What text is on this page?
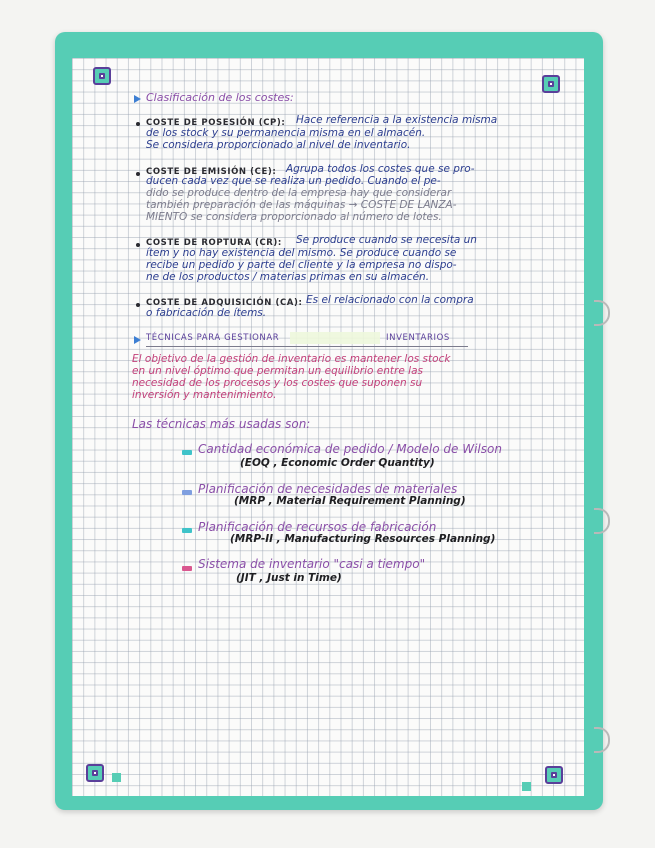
Clasificación de los costes:
COSTE DE POSESIÓN (CP): Hace referencia a la existencia misma
de los stock y su permanencia misma en el almacén.
Se considera proporcionado al nivel de inventario.
COSTE DE EMISIÓN (CE): Agrupa todos los costes que se pro-
ducen cada vez que se realiza un pedido. Cuando el pe-
dido se produce dentro de la empresa hay que considerar
también preparación de las máquinas → COSTE DE LANZA-
MIENTO se considera proporcionado al número de lotes.
COSTE DE ROPTURA (CR): Se produce cuando se necesita un
ítem y no hay existencia del mismo. Se produce cuando se
recibe un pedido y parte del cliente y la empresa no dispo-
ne de los productos / materias primas en su almacén.
COSTE DE ADQUISICIÓN (CA): Es el relacionado con la compra
o fabricación de ítems.
TÉCNICAS PARA GESTIONAR	INVENTARIOS
El objetivo de la gestión de inventario es mantener los stock
en un nivel óptimo que permitan un equilibrio entre las
necesidad de los procesos y los costes que suponen su
inversión y mantenimiento.
Las técnicas más usadas son:
Cantidad económica de pedido / Modelo de Wilson
(EOQ , Economic Order Quantity)
Planificación de necesidades de materiales
(MRP , Material Requirement Planning)
Planificación de recursos de fabricación
(MRP-II , Manufacturing Resources Planning)
Sistema de inventario "casi a tiempo"
(JIT , Just in Time)
